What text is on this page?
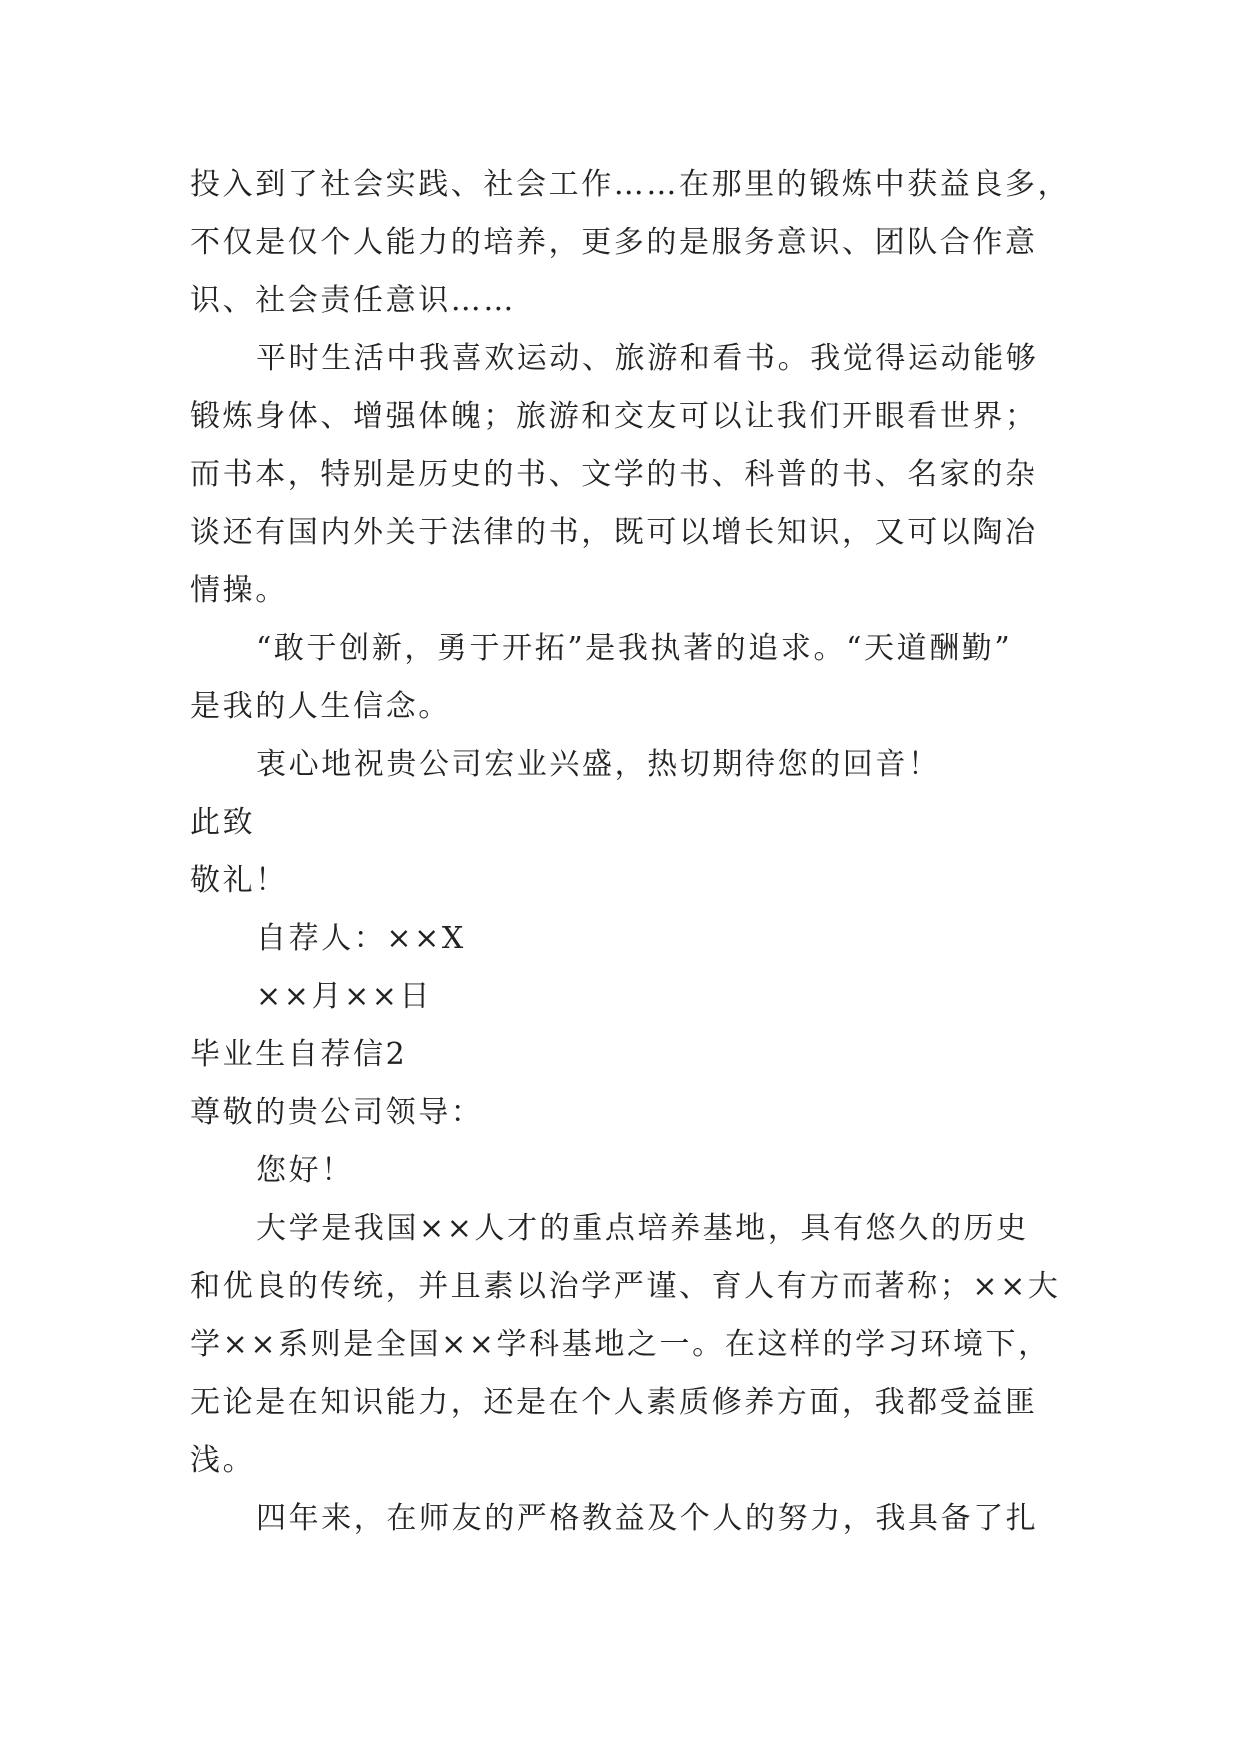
投入到了社会实践、社会工作……在那里的锻炼中获益良多，
不仅是仅个人能力的培养，更多的是服务意识、团队合作意
识、社会责任意识……
平时生活中我喜欢运动、旅游和看书。我觉得运动能够
锻炼身体、增强体魄；旅游和交友可以让我们开眼看世界；
而书本，特别是历史的书、文学的书、科普的书、名家的杂
谈还有国内外关于法律的书，既可以增长知识，又可以陶冶
情操。
“敢于创新，勇于开拓”是我执著的追求。“天道酬勤”
是我的人生信念。
衷心地祝贵公司宏业兴盛，热切期待您的回音！
此致
敬礼！
自荐人：××X
××月××日
毕业生自荐信2
尊敬的贵公司领导：
您好！
大学是我国××人才的重点培养基地，具有悠久的历史
和优良的传统，并且素以治学严谨、育人有方而著称；××大
学××系则是全国××学科基地之一。在这样的学习环境下，
无论是在知识能力，还是在个人素质修养方面，我都受益匪
浅。
四年来，在师友的严格教益及个人的努力，我具备了扎
